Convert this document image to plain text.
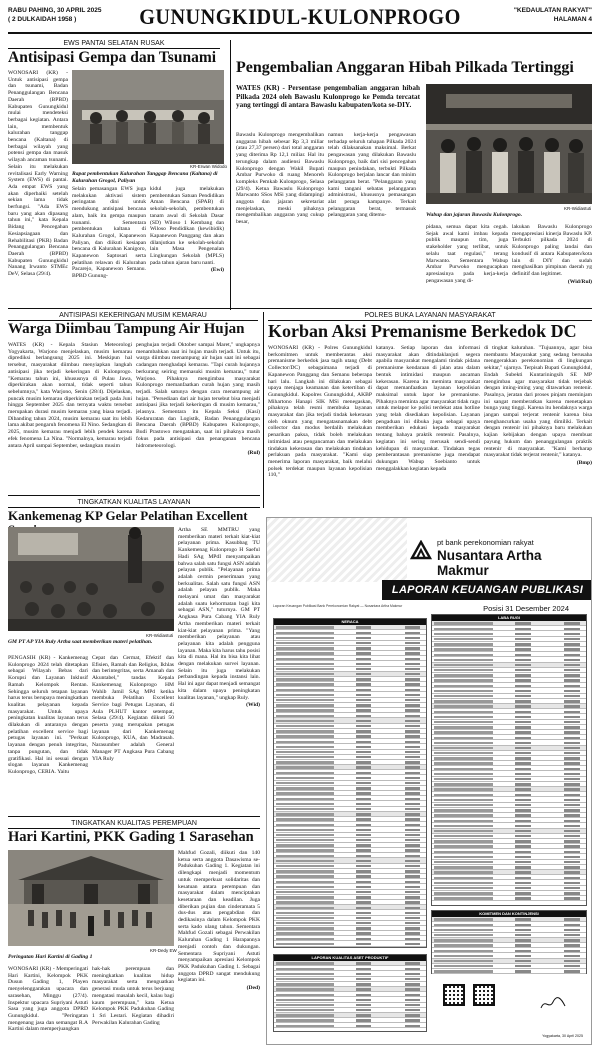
RABU PAHING, 30 APRIL 2025
( 2 DULKAIDAH 1958 )	GUNUNGKIDUL-KULONPROGO	"KEDAULATAN RAKYAT"
HALAMAN 4
EWS PANTAI SELATAN RUSAK
Antisipasi Gempa dan Tsunami

WONOSARI (KR) - Untuk antisipasi gempa dan tsunami, Badan Penanggulangan Bencana Daerah (BPBD) Kabupaten Gunungkidul mulai mendeteksi berbagai kegiatan. Antara lain, membentuk kalurahan tanggap bencana (Kaltana) di berbagai wilayah yang potensi gempa dan masuk wilayah ancaman tsunami. Selain itu melakukan revitalisasi Early Warning System (EWS) di pantai. Ada empat EWS yang akan diperbaiki setelah sekian lama tidak berfungsi. "Ada EWS baru yang akan dipasang tahun ini," kata Kepala Bidang Pencegahan Kesiapsiagaan dan Rehabilitasi (PKR) Badan Penanggulangan Bencana Daerah (BPBD) Kabupaten Gunungkidul Nanang Irwanto STMEc DeV, Selasa (29/4).

KR-Erwan Widodo
Rapat pembentukan Kalurahan Tanggap Bencana (Kaltana) di Kalurahan Grogol, Paliyan

Selain pemasangan EWS juga melakukan aktivasi sistem peringatan dini untuk mendukung antisipasi bencana alam, baik itu gempa maupun tsunami. Sementara pembentukan kaltana di Kalurahan Grogol, Kapanewon Paliyan, dan diikuti kesiapan bencana di Kalurahan Kanigoro, Kapanewon Saptosari serta pelatihan relawan di Kalurahan Pacarejo, Kapanewon Semanu. BPBD Gunung-

kidul juga melakukan pembentukan Satuan Pendidikan Aman Bencana (SPAB) di sekolah-sekolah, pembentukan tanam awal di Sekolah Dasar (SD) Wiloso 1 Kembang dan Wiloso Pendidikan (kewibidik) Kapanewon Panggang dan akan dilanjutkan ke sekolah-sekolah lain Masa Pengenalan Lingkungan Sekolah (MPLS) pada tahun ajaran baru nanti.

(Ewi)

Pengembalian Anggaran Hibah Pilkada Tertinggi

WATES (KR) - Persentase pengembalian anggaran hibah Pilkada 2024 oleh Bawaslu Kulonprogo ke Pemda tercatat yang tertinggi di antara Bawaslu kabupaten/kota se-DIY.

Bawaslu Kulonprogo mengembalikan anggaran hibah sebesar Rp 3,3 miliar (atau 27,37 persen) dari total anggaran yang diterima Rp 12,1 miliar. Hal itu terungkap dalam audiensi Bawaslu Kulonprogo dengan Wakil Bupati Ambar Purwoko di ruang Menoreh kompleks Pemkab Kulonprogo, Selasa (29/4). Ketua Bawaslu Kulonprogo Marwanto SSos MSi yang didampingi anggota dan jajaran sekretariat menjelaskan, meski pihaknya mengembalikan anggaran yang cukup besar,

namun kerja-kerja pengawasan terhadap seluruh tahapan Pilkada 2024 telah dilaksanakan maksimal. Berkat pengawasan yang dilakukan Bawaslu Kulonprogo, baik dari sisi pencegahan maupun penindakan, terbukti Pilkada Kulonprogo berjalan lancar dan minim pelanggaran berat. "Pelanggaran yang kami tangani sebatas pelanggaran administrasi, khususnya pemasangan alat peraga kampanye. Terkait pelanggaran berat, termasuk pelanggaran yang ditemu-

KR-Widiastuti
Wabup dan jajaran Bawaslu Kulonprogo.

pidana, semua dapat kita cegah. Sejak awal kami imbau kepada publik maupun tim, juga stakeholder yang terlibat, untuk selalu taat regulasi," terang Marwanto. Sementara Wabup Ambar Purwoko mengucapkan apresiasinya pada kerja-kerja pengawasan yang di-

lakukan Bawaslu Kulonprogo mengapresiasi kinerja Bawaslu KP. Terbukti pilkada 2024 di Kulonprogo paling landai dan kondusif di antara Kabupaten/kota lain di DIY dan sudah menghasilkan pimpinan daerah yg definitif dan legitimet.

(Wid/Rul)

ANTISIPASI KEKERINGAN MUSIM KEMARAU
Warga Diimbau Tampung Air Hujan

WATES (KR) - Kepala Stasiun Meteorologi Yogyakarta, Warjono menjelaskan, musim kemarau diprediksi berlangsung 2025 ini. Meskipun hal tersebut, masyarakat diimbau menyiapkan langkah antisipasi jika terjadi kekeringan di Kulonprogo. "Kemarau tahun ini, khususnya di Pulau Jawa, diperkirakan akan normal, tidak seperti tahun sebelumnya," kata Warjono, Senin (28/4). Dijelaskan, puncak musim kemarau diperkirakan terjadi pada Juni hingga September 2025 dan ternyata waktu tersebut merupakan durasi musim kemarau yang biasa terjadi. Dibanding tahun 2024, musim kemarau saat itu lebih lama akibat pengaruh fenomena El Nino. Sedangkan di 2025, musim kemarau menjadi lebih pendek karena efek fenomena La Nina. "Normalnya, kemarau terjadi antara April sampai September, sedangkan musim

penghujan terjadi Oktober sampai Maret," ungkapnya menambahkan saat ini hujan masih terjadi. Untuk itu, warga diimbau menampung air hujan saat ini sebagai cadangan menghadapi kemarau. "Tapi curah hujannya berkurang seiring memasuki musim kemarau," tutur Warjono. Pihaknya mengimbau masyarakat Kulonprogo memanfaatkan curah hujan yang masih terjadi. Salah satunya dengan cara menampung air hujan. "Persediaan dari air hujan tersebut bisa menjadi antisipasi jika terjadi kekeringan di musim kemarau," jelasnya. Sementara itu Kepala Seksi (Kasi) Kedaruratan dan Logistik, Badan Penanggulangan Bencana Daerah (BPBD) Kabupaten Kulonprogo, Budi Prastowo mengatakan, saat ini pihaknya masih fokus pada antisipasi dan penanganan bencana hidrometeorologi.

(Rul)

POLRES BUKA LAYANAN MASYARAKAT
Korban Aksi Premanisme Berkedok DC

WONOSARI (KR) - Polres Gunungkidul berkomitmen untuk memberantas aksi premanisme berkedok jasa tagih utang (Debt Collector/DC) sebagaimana terjadi di Kapanewon Panggang dan Semanu beberapa hari lalu. Langkah ini dilakukan sebagai upaya menjaga keamanan dan ketertiban di Gunungkidul. Kapolres Gunungkidul, AKBP Mihartono Hanapi SIK MSi menegaskan, pihaknya telah resmi membuka layanan masyarakat dan jika terjadi tindak kekerasan oleh oknum yang mengatasnamakan debt collector dan modus berdalih melakukan penarikan paksa, tidak boleh melakukan intimidasi atau pengancaman dan melakukan tindakan kekerasan dan melakukan tindakan perlakuan pada masyarakat. "Kami siap menerima laporan masyarakat, baik melalui polsek terdekat maupun layanan kepolisian 110,"

katanya. Setiap laporan dan informasi masyarakat akan ditindaklanjuti segera apabila masyarakat mengalami tindak pidana premanisme kendaraan di jalan atau dalam bentuk intimidasi maupun ancaman kekerasan. Karena itu meminta masyarakat dapat memanfaatkan layanan kepolisian maksimal untuk lapor ke premanisme. Pihaknya meminta agar masyarakat tidak ragu untuk melapor ke polisi terdekat atau hotline yang telah disediakan kepolisian. Layanan pengaduan ini dibuka juga sebagai upaya memberikan edukasi kepada masyarakat tentang bahaya praktik rentenir. Pasalnya, kegiatan ini sering merusak sendi-sendi kehidupan di masyarakat. Tindakan tegas pemberantasan premanisme juga mendapat dukungan Wabup Soebianto untuk menggalakkan kegiatan kepada

di tingkat kalurahan. "Tujuannya, agar bisa membantu Masyarakat yang sedang berusaha menggerakkan perekonomian di lingkungan sekitar," ujarnya. Terpisah Bupati Gunungkidul, Endah Subekti Kuntariningsih SE MP mengimbau agar masyarakat tidak terjebak dengan iming-iming yang ditawarkan rentenir. Pasalnya, jeratan dari proses pinjam meminjam ini sangat memberatkan karena menetapkan bunga yang tinggi. Karena itu hendaknya warga jangan sampai terjerat rentenir karena bisa menghancurkan usaha yang dimiliki. Terkait dengan rentenir ini pihaknya baru melakukan kajian kebijakan dengan upaya membuat payung hukum dan penanggulangan praktik rentenir di masyarakat. "Kami berharap masyarakat tidak terjerat rentenir," katanya.

(Bmp)

TINGKATKAN KUALITAS LAYANAN
Kankemenag KP Gelar Pelatihan Excellent
KR-Widiastuti
GM PT AP YIA Ruly Artha saat memberikan materi pelatihan.

PENGASIH (KR) - Kankemenag Kulonprogo 2024 telah ditetapkan sebagai Wilayah Bebas dari Korupsi dan Layanan Inklusif Ramah Kelompok Rentan. Sehingga seluruh tetapan layanan harus terus berupaya meningkatkan kualitas pelayanan kepada masyarakat. Untuk upaya peningkatan kualitas layanan terus dilakukan di antaranya dengan pelatihan excellent service bagi petugas layanan ini. "Perkuat layanan dengan penuh integritas, tanpa pungutan, dan tidak gratifikasi. Hal ini sesuai dengan slogan layanan Kankemenag Kulonprogo, CERIA. Yaitu

Cepat dan Cermat, Efektif dan Efisien, Ramah dan Religius, Ikhlas dan berintegritas, serta Amanah dan Akuntabel," tandas Kepala Kankemenag Kulonprogo HM Wahib Jamil SAg MPd ketika membuka Pelatihan Excellent Service bagi Petugas Layanan, di Aula PLHUT kantor setempat, Selasa (29/4). Kegiatan diikuti 50 peserta yang merupakan petugas layanan dari Kankemenag Kulonprogo, KUA, dan Madrasah. Narasumber adalah General Manager PT Angkasa Pura Cabang YIA Ruly

Artha SE MMTRU yang memberikan materi terkait kiat-kiat pelayanan prima. Kasubbag TU Kankemenag Kulonprogo H Saeful Hadi SAg MPdI menyampaikan bahwa salah satu fungsi ASN adalah pelayan publik. "Pelayanan prima adalah cermin penerimaan yang berkualitas. Salah satu fungsi ASN adalah pelayan publik. Maka melayani umat dan masyarakat adalah suatu kehormatan bagi kita sebagai ASN," tuturnya. GM PT Angkasa Pura Cabang YIA Ruly Artha memberikan materi terkait kiat-kiat pelayanan prima. "Yang memberikan pelayanan atau pelayanan kita adalah pengguna layanan. Maka kita harus tahu posisi kita di mana. Hal itu bisa kita lihat dengan melakukan survei layanan. Selain itu juga melakukan perbandingan kepada instansi lain. Hal ini agar dapat menjadi semangat kita dalam upaya peningkatan kualitas layanan," ungkap Ruly.

(Wid)

TINGKATKAN KUALITAS PEREMPUAN
Hari Kartini, PKK Gading 1 Sarasehan
KR-Dedy EW
Peringatan Hari Kartini di Gading 1

WONOSARI (KR) - Memperingati Hari Kartini, Kelompok PKK Dusun Gading 1, Playen menyelenggarakan upacara dan sarasehan, Minggu (27/4). Inspektur upacara Supriyani Astuti Sasa yang juga anggota DPRD Gunungkidul. "Peringatan mengenang jasa dan semangat R.A Kartini dalam memperjuangkan

hak-hak perempuan dan meningkatkan kualitas hidup masyarakat serta menguatkan generasi muda untuk terus berjuang mengatasi masalah kecil, kalau bagi kaum perempuan," kata Ketua Kelompok PKK Padukuhan Gading 1 Sri Lestari. Kegiatan dihadiri Perwakilan Kalurahan Gading

Mahfud Gozali, diikuti dan 140 ketua serta anggota Dasawisma se-Padukuhan Gading 1. Kegiatan ini dilengkapi menjadi momentum untuk memperkuat solidaritas dan kesatuan antara perempuan dan masyarakat dalam menciptakan kesetaraan dan keadilan. Juga diberikan pujian dan cinderamata 5 dus-dus atas pengabdian dan dedikasinya dalam Kelompok PKK serta kado ulang tahun. Sementara Mahfud Gozali sebagai Perwakilan Kalurahan Gading 1 Harapannya menjadi contoh dan dukungan. Sementara Supriyani Astuti menyampaikan apresiasi Kelompok PKK Padukuhan Gading 1. Sebagai anggota DPRD sangat mendukung kegiatan ini.

(Ded)

pt bank perekonomian rakyat
Nusantara Artha Makmur
LAPORAN KEUANGAN PUBLIKASI
Posisi 31 Desember 2024
Laporan Keuangan Publikasi Bank Perekonomian Rakyat — Nusantara Artha Makmur
NERACA
LABA RUGI
KOMITMEN DAN KONTINJENSI
LAPORAN KUALITAS ASET PRODUKTIF
Yogyakarta, 30 April 2025
